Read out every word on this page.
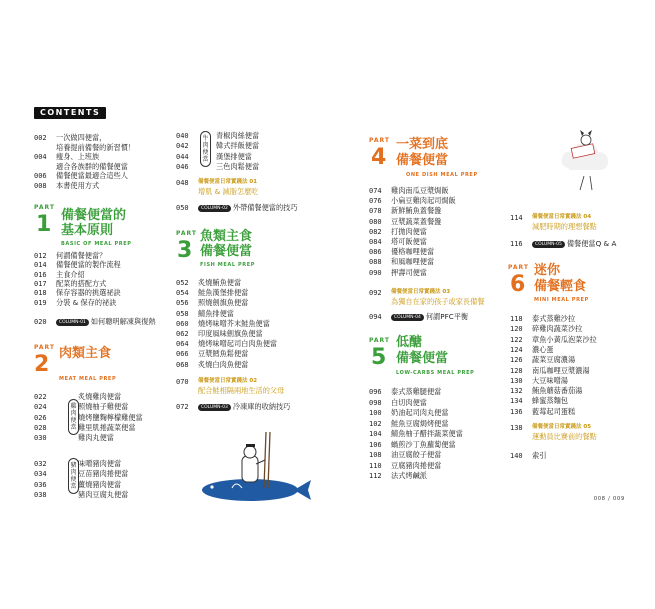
CONTENTS
002 一次做四便當，
培養提前備餐的新習慣！
004 瘦身、上班族
適合各族群的備餐便當
006 備餐便當最適合這些人
008 本書使用方式
PART
1 備餐便當的
基本原則
BASIC OF MEAL PREP
012 何謂備餐便當？
014 備餐便當的製作流程
016 主食介紹
017 配菜的搭配方式
018 保存容器的挑選祕訣
019 分裝 & 保存的祕訣
020	COLUMN-01 如何聰明解凍與復熱
PART
2 肉類主食
MEAT MEAL PREP
雞肉便當
豬肉便當
022	炙燒雞肉便當
024	照燒柚子雞便當
026	燒烤鹽麴檸檬雞便當
028	雞里肌捲蔬菜便當
030	雞肉丸便當
032	味噌豬肉便當
034	豆苗豬肉捲便當
036	薑燒豬肉便當
038	豬肉豆腐丸便當
牛肉便當
040	青椒肉絲便當
042	韓式拌飯便當
044	漢堡排便當
046	三色肉鬆便當
048 備餐便當日常實踐法 01
增肌 & 減脂怎麼吃
050	COLUMN-02 外帶備餐便當的技巧
PART
3
魚類主食
備餐便當
FISH MEAL PREP
052 炙燒鮪魚便當
054 鮭魚漢堡排便當
056 照燒劍旗魚便當
058 鯖魚排便當
060 燒烤味噌芥末鮭魚便當
062 印度風味劍旗魚便當
064 燒烤味噌起司白肉魚便當
066 豆漿鱈魚鬆便當
068 炙燒白肉魚便當
070 備餐便當日常實踐法 02
配合鮭相隔兩地生活的父母
072	COLUMN-03 冷凍庫的收納技巧
PART
4
一菜到底
備餐便當
ONE DISH MEAL PREP
074 雞肉南瓜豆漿焗飯
076 小扁豆雞肉起司焗飯
078 新鮮鮪魚蓋餐盤
080 豆漿蔬菜蓋餐盤
082 打拋肉便當
084 塔可飯便當
086 優格咖哩便當
088 和風咖哩便當
090 押壽司便當
092 備餐便當日常實踐法 03
為獨自在家的孩子或家長備餐
094	COLUMN-04 何謂PFC平衡
PART
5
低醣
備餐便當
LOW-CARBS MEAL PREP
096 泰式蒸雞腿便當
098 白切肉便當
100 奶油起司肉丸便當
102 鮭魚豆腐焗烤便當
104 鯖魚柚子醋拌蔬菜便當
106 蝸煎沙丁魚蘿蔔便當
108 油豆腐餃子便當
110 豆腐豬肉捲便當
112 法式烤鹹派
114 備餐便當日常實踐法 04
減肥時期的理想餐點
116	COLUMN-05 備餐便當Q & A
PART
6
迷你
備餐輕食
MINI MEAL PREP
118 泰式蒸雞沙拉
120 碎雞肉蔬菜沙拉
122 章魚小黃瓜泡菜沙拉
124 濃心蛋
126 蔬菜豆腐濃湯
128 南瓜咖哩豆漿濃湯
130 大豆味噌湯
132 鮪魚蘑菇番茄湯
134 蜂蜜蒸麵包
136 藍莓起司蛋糕
138 備餐便當日常實踐法 05
運動員比賽前的餐點
140 索引
008 / 009
